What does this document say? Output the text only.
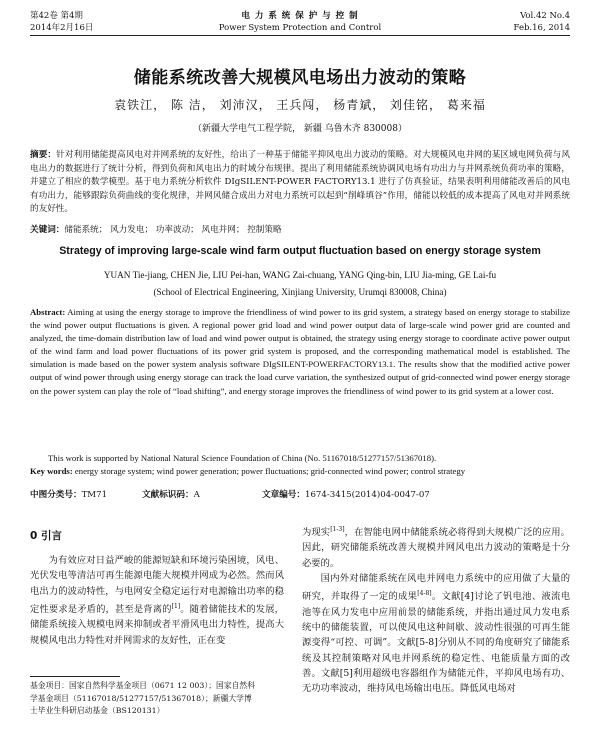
第42卷 第4期
2014年2月16日
电 力 系 统 保 护 与 控 制
Power System Protection and Control
Vol.42 No.4
Feb.16, 2014
储能系统改善大规模风电场出力波动的策略
袁铁江， 陈 洁， 刘沛汉， 王兵闯， 杨青斌， 刘佳铭， 葛来福
（新疆大学电气工程学院， 新疆 乌鲁木齐 830008）
摘要：针对利用储能提高风电对并网系统的友好性，给出了一种基于储能平抑风电出力波动的策略。对大规模风电并网的某区域电网负荷与风电出力的数据进行了统计分析，得到负荷和风电出力的时域分布规律。提出了利用储能系统协调风电场有功出力与并网系统负荷功率的策略，并建立了相应的数学模型。基于电力系统分析软件 DIgSILENT-POWER FACTORY13.1 进行了仿真验证，结果表明利用储能改善后的风电有功出力，能够跟踪负荷曲线的变化规律，并网风储合成出力对电力系统可以起到“削峰填谷”作用，储能以较低的成本提高了风电对并网系统的友好性。
关键词：储能系统； 风力发电； 功率波动； 风电并网； 控制策略
Strategy of improving large-scale wind farm output fluctuation based on energy storage system
YUAN Tie-jiang, CHEN Jie, LIU Pei-han, WANG Zai-chuang, YANG Qing-bin, LIU Jia-ming, GE Lai-fu
(School of Electrical Engineering, Xinjiang University, Urumqi 830008, China)
Abstract: Aiming at using the energy storage to improve the friendliness of wind power to its grid system, a strategy based on energy storage to stabilize the wind power output fluctuations is given. A regional power grid load and wind power output data of large-scale wind power grid are counted and analyzed, the time-domain distribution law of load and wind power output is obtained, the strategy using energy storage to coordinate active power output of the wind farm and load power fluctuations of its power grid system is proposed, and the corresponding mathematical model is established. The simulation is made based on the power system analysis software DIgSILENT-POWERFACTORY13.1. The results show that the modified active power output of wind power through using energy storage can track the load curve variation, the synthesized output of grid-connected wind power energy storage on the power system can play the role of “load shifting”, and energy storage improves the friendliness of wind power to its grid system at a lower cost.
This work is supported by National Natural Science Foundation of China (No. 51167018/51277157/51367018).
Key words: energy storage system; wind power generation; power fluctuations; grid-connected wind power; control strategy
中图分类号：TM71	文献标识码：A	文章编号：1674-3415(2014)04-0047-07
0 引言

为有效应对日益严峻的能源短缺和环境污染困境，风电、光伏发电等清洁可再生能源电能大规模并网成为必然。然而风电出力的波动特性，与电网安全稳定运行对电源输出功率的稳定性要求是矛盾的，甚至是背离的[1]。随着储能技术的发展，储能系统接入规模电网来抑制或者平滑风电出力特性，提高大规模风电出力特性对并网需求的友好性，正在变

为现实[1-3]，在智能电网中储能系统必将得到大规模广泛的应用。因此，研究储能系统改善大规模并网风电出力波动的策略是十分必要的。

国内外对储能系统在风电并网电力系统中的应用做了大量的研究，并取得了一定的成果[4-8]。文献[4]讨论了钒电池、液流电池等在风力发电中应用前景的储能系统，并指出通过风力发电系统中的储能装置，可以使风电这种间歇、波动性很强的可再生能源变得“可控、可调”。文献[5-8]分别从不同的角度研究了储能系统及其控制策略对风电并网系统的稳定性、电能质量方面的改善。文献[5]利用超级电容器组作为储能元件，平抑风电场有功、无功功率波动，维持风电场输出电压。降低风电场对

基金项目：国家自然科学基金项目（0671 12 003）；国家自然科
学基金项目（51167018/51277157/51367018）；新疆大学博
士毕业生科研启动基金（BS120131）
